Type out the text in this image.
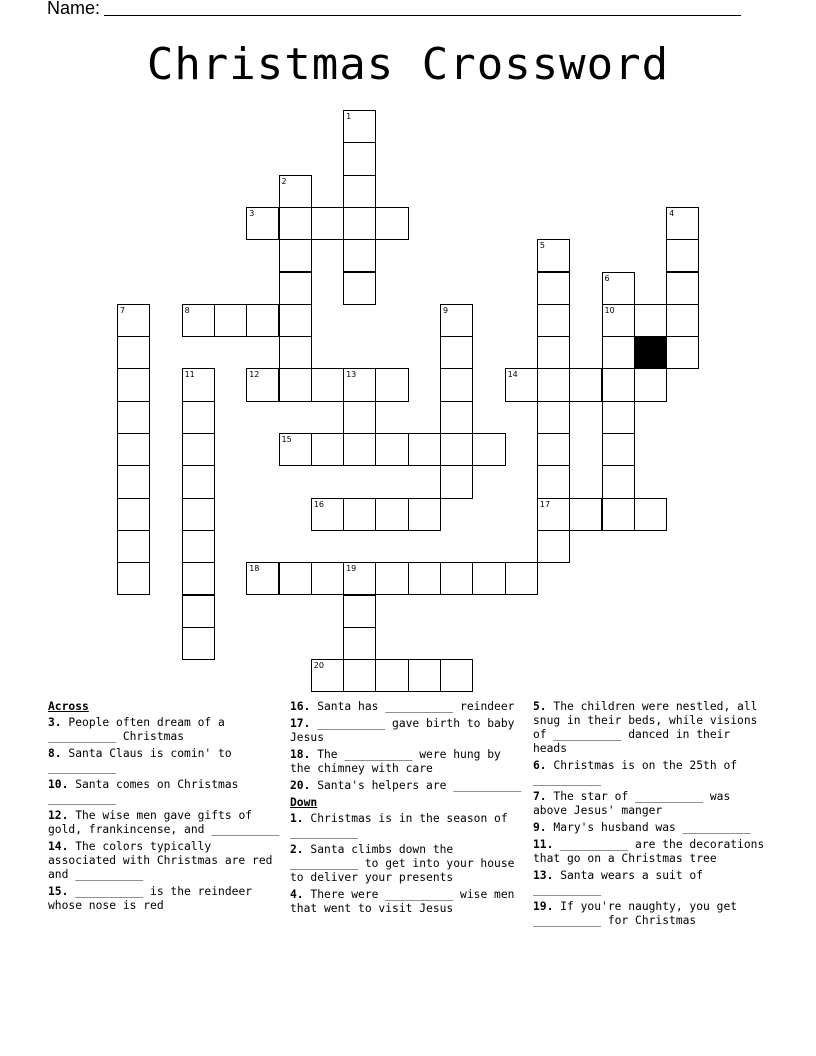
Name:
Christmas Crossword
1
2
3	4
5
17
6
10
7	8	9
11	12	13	14
15
16
18	19
20
Across
3. People often dream of a __________ Christmas
8. Santa Claus is comin' to __________
10. Santa comes on Christmas __________
12. The wise men gave gifts of gold, frankincense, and __________
14. The colors typically associated with Christmas are red and __________
15. __________ is the reindeer whose nose is red
16. Santa has __________ reindeer
17. __________ gave birth to baby Jesus
18. The __________ were hung by the chimney with care
20. Santa's helpers are __________
Down
1. Christmas is in the season of __________
2. Santa climbs down the __________ to get into your house to deliver your presents
4. There were __________ wise men that went to visit Jesus
5. The children were nestled, all snug in their beds, while visions of __________ danced in their heads
6. Christmas is on the 25th of __________
7. The star of __________ was above Jesus' manger
9. Mary's husband was __________
11. __________ are the decorations that go on a Christmas tree
13. Santa wears a suit of __________
19. If you're naughty, you get __________ for Christmas
